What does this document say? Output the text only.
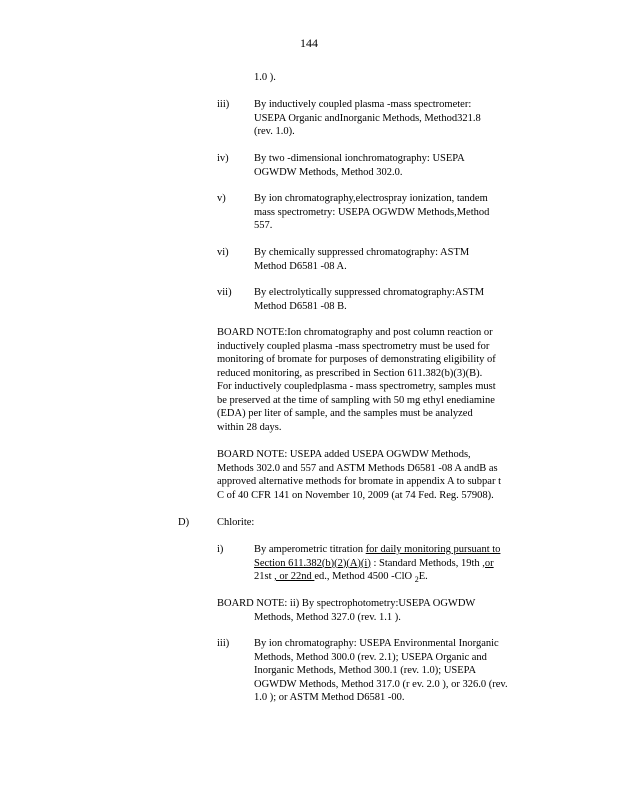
144
1.0 ).
iii) By inductively coupled plasma -mass spectrometer:
USEPA Organic andInorganic Methods, Method321.8
(rev. 1.0).
iv) By two -dimensional ionchromatography: USEPA
OGWDW Methods, Method 302.0.
v)	By ion chromatography,electrospray ionization, tandem
mass spectrometry: USEPA OGWDW Methods,Method
557.
vi) By chemically suppressed chromatography: ASTM
Method D6581 -08 A.
vii) By electrolytically suppressed chromatography:ASTM
Method D6581 -08 B.
BOARD NOTE:Ion chromatography and post column reaction or
inductively coupled plasma -mass spectrometry must be used for
monitoring of bromate for purposes of demonstrating eligibility of
reduced monitoring, as prescribed in Section 611.382(b)(3)(B).
For inductively coupledplasma - mass spectrometry, samples must
be preserved at the time of sampling with 50 mg ethyl enediamine
(EDA) per liter of sample, and the samples must be analyzed
within 28 days.
BOARD NOTE: USEPA added USEPA OGWDW Methods,
Methods 302.0 and 557 and ASTM Methods D6581 -08 A andB as
approved alternative methods for bromate in appendix A to subpar t
C of 40 CFR 141 on November 10, 2009 (at 74 Fed. Reg. 57908).
D)	Chlorite:
i)	By amperometric titration for daily monitoring pursuant to
Section 611.382(b)(2)(A)(i) : Standard Methods, 19th ,or
21st , or 22nd ed., Method 4500 -ClO $_2$E.
BOARD NOTE: ii) By spectrophotometry:USEPA OGWDW
Methods, Method 327.0 (rev. 1.1 ).
iii) By ion chromatography: USEPA Environmental Inorganic
Methods, Method 300.0 (rev. 2.1); USEPA Organic and
Inorganic Methods, Method 300.1 (rev. 1.0); USEPA
OGWDW Methods, Method 317.0 (r ev. 2.0 ), or 326.0 (rev.
1.0 ); or ASTM Method D6581 -00.
